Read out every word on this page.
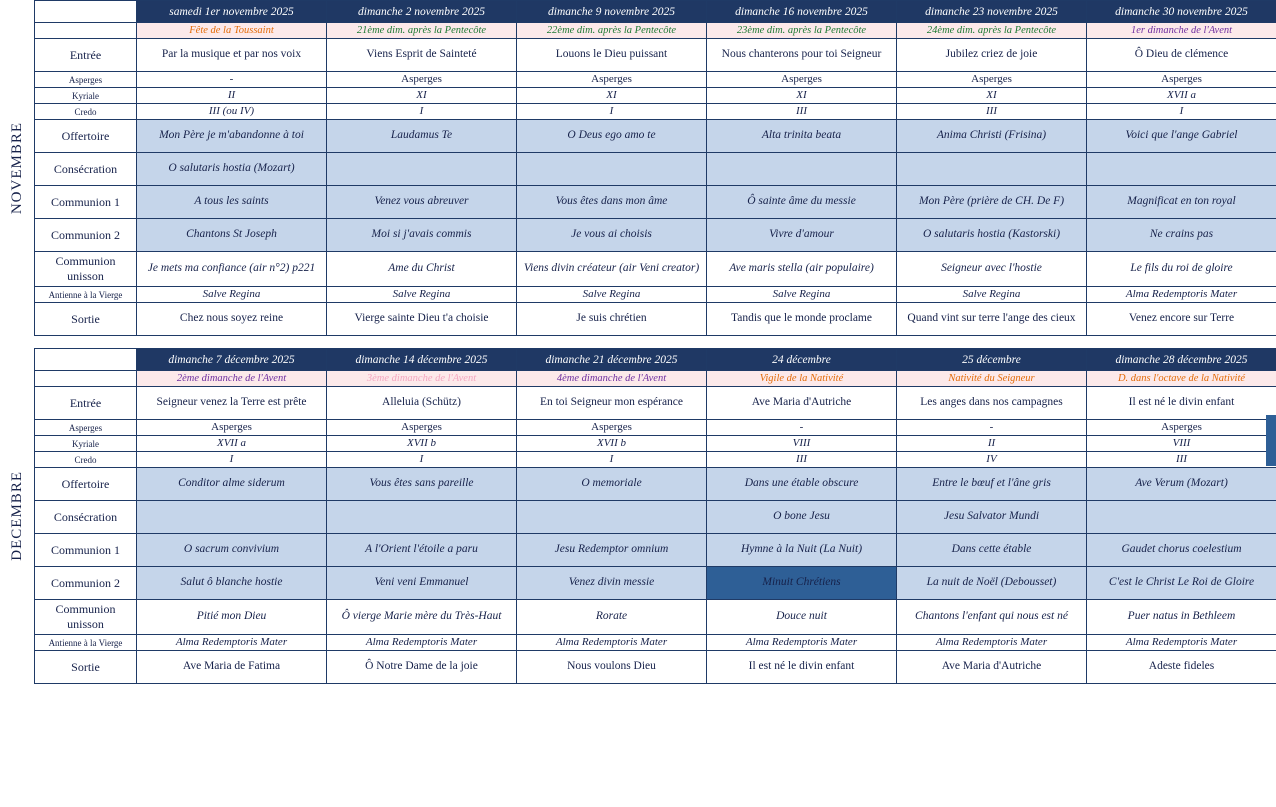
NOVEMBRE
	samedi 1er novembre 2025	dimanche 2 novembre 2025	dimanche 9 novembre 2025	dimanche 16 novembre 2025	dimanche 23 novembre 2025	dimanche 30 novembre 2025
	Fête de la Toussaint	21ème dim. après la Pentecôte	22ème dim. après la Pentecôte	23ème dim. après la Pentecôte	24ème dim. après la Pentecôte	1er dimanche de l'Avent
Entrée	Par la musique et par nos voix	Viens Esprit de Sainteté	Louons le Dieu puissant	Nous chanterons pour toi Seigneur	Jubilez criez de joie	Ô Dieu de clémence
Asperges	-	Asperges	Asperges	Asperges	Asperges	Asperges
Kyriale	II	XI	XI	XI	XI	XVII a
Credo	III (ou IV)	I	I	III	III	I
Offertoire	Mon Père je m'abandonne à toi	Laudamus Te	O Deus ego amo te	Alta trinita beata	Anima Christi (Frisina)	Voici que l'ange Gabriel
Consécration	O salutaris hostia (Mozart)					
Communion 1	A tous les saints	Venez vous abreuver	Vous êtes dans mon âme	Ô sainte âme du messie	Mon Père (prière de CH. De F)	Magnificat en ton royal
Communion 2	Chantons St Joseph	Moi si j'avais commis	Je vous ai choisis	Vivre d'amour	O salutaris hostia (Kastorski)	Ne crains pas
Communion unisson	Je mets ma confiance (air n°2) p221	Ame du Christ	Viens divin créateur (air Veni creator)	Ave maris stella (air populaire)	Seigneur avec l'hostie	Le fils du roi de gloire
Antienne à la Vierge	Salve Regina	Salve Regina	Salve Regina	Salve Regina	Salve Regina	Alma Redemptoris Mater
Sortie	Chez nous soyez reine	Vierge sainte Dieu t'a choisie	Je suis chrétien	Tandis que le monde proclame	Quand vint sur terre l'ange des cieux	Venez encore sur Terre
DECEMBRE
	dimanche 7 décembre 2025	dimanche 14 décembre 2025	dimanche 21 décembre 2025	24 décembre	25 décembre	dimanche 28 décembre 2025
	2ème dimanche de l'Avent	3ème dimanche de l'Avent	4ème dimanche de l'Avent	Vigile de la Nativité	Nativité du Seigneur	D. dans l'octave de la Nativité
Entrée	Seigneur venez la Terre est prête	Alleluia (Schütz)	En toi Seigneur mon espérance	Ave Maria d'Autriche	Les anges dans nos campagnes	Il est né le divin enfant
Asperges	Asperges	Asperges	Asperges	-	-	Asperges
Kyriale	XVII a	XVII b	XVII b	VIII	II	VIII
Credo	I	I	I	III	IV	III
Offertoire	Conditor alme siderum	Vous êtes sans pareille	O memoriale	Dans une étable obscure	Entre le bœuf et l'âne gris	Ave Verum (Mozart)
Consécration				O bone Jesu	Jesu Salvator Mundi	
Communion 1	O sacrum convivium	A l'Orient l'étoile a paru	Jesu Redemptor omnium	Hymne à la Nuit (La Nuit)	Dans cette étable	Gaudet chorus coelestium
Communion 2	Salut ô blanche hostie	Veni veni Emmanuel	Venez divin messie	Minuit Chrétiens	La nuit de Noël (Debousset)	C'est le Christ Le Roi de Gloire
Communion unisson	Pitié mon Dieu	Ô vierge Marie mère du Très-Haut	Rorate	Douce nuit	Chantons l'enfant qui nous est né	Puer natus in Bethleem
Antienne à la Vierge	Alma Redemptoris Mater	Alma Redemptoris Mater	Alma Redemptoris Mater	Alma Redemptoris Mater	Alma Redemptoris Mater	Alma Redemptoris Mater
Sortie	Ave Maria de Fatima	Ô Notre Dame de la joie	Nous voulons Dieu	Il est né le divin enfant	Ave Maria d'Autriche	Adeste fideles
